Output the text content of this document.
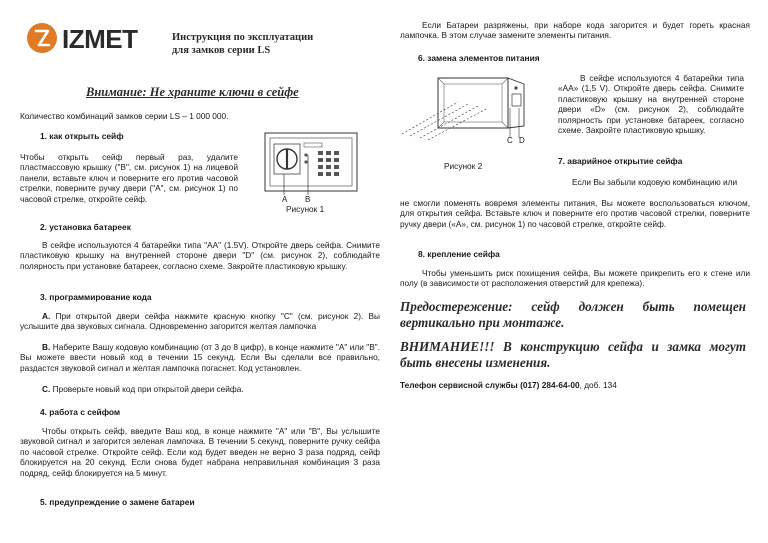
IZMET	Инструкция по эксплуатации
для замков серии LS
Внимание: Не храните ключи в сейфе

Количество комбинаций замков серии LS – 1 000 000.

1. как открыть сейф

Чтобы открыть сейф первый раз, удалите пластмассовую крышку ("В", см. рисунок 1) на лицевой панели, вставьте ключ и поверните его против часовой стрелки, поверните ручку двери ("А", см. рисунок 1) по часовой стрелке, откройте сейф.	A B
Рисунок 1

2. установка батареек

В сейфе используются 4 батарейки типа "АА" (1.5V). Откройте дверь сейфа. Снимите пластиковую крышку на внутренней стороне двери "D" (см. рисунок 2), соблюдайте полярность при установке батареек, согласно схеме. Закройте пластиковую крышку.

3. программирование кода

A. При открытой двери сейфа нажмите красную кнопку "С" (см. рисунок 2). Вы услышите два звуковых сигнала. Одновременно загорится желтая лампочка

B. Наберите Вашу кодовую комбинацию (от 3 до 8 цифр), в конце нажмите "А" или "В". Вы можете ввести новый код в течении 15 секунд. Если Вы сделали все правильно, раздастся звуковой сигнал и желтая лампочка погаснет. Код установлен.

C. Проверьте новый код при открытой двери сейфа.

4. работа с сейфом

Чтобы открыть сейф, введите Ваш код, в конце нажмите "А" или "В", Вы услышите звуковой сигнал и загорится зеленая лампочка. В течении 5 секунд, поверните ручку сейфа по часовой стрелке. Откройте сейф. Если код будет введен не верно 3 раза подряд, сейф блокируется на 20 секунд. Если снова будет набрана неправильная комбинация 3 раза подряд, сейф блокируется на 5 минут.

5. предупреждение о замене батареи

Если Батареи разряжены, при наборе кода загорится и будет гореть красная лампочка. В этом случае замените элементы питания.

6. замена элементов питания

C D
Рисунок 2

В сейфе используются 4 батарейки типа «АА» (1,5 V). Откройте дверь сейфа. Снимите пластиковую крышку на внутренней стороне двери «D» (см. рисунок 2), соблюдайте полярность при установке батареек, согласно схеме. Закройте пластиковую крышку.

7. аварийное открытие сейфа

Если Вы забыли кодовую комбинацию или

не смогли поменять вовремя элементы питания, Вы можете воспользоваться ключом, для открытия сейфа. Вставьте ключ и поверните его против часовой стрелки, поверните ручку двери («А», см. рисунок 1) по часовой стрелке, откройте сейф.

8. крепление сейфа

Чтобы уменьшить риск похищения сейфа, Вы можете прикрепить его к стене или полу (в зависимости от расположения отверстий для крепежа).

Предостережение: сейф должен быть помещен вертикально при монтаже.

ВНИМАНИЕ!!! В конструкцию сейфа и замка могут быть внесены изменения.

Телефон сервисной службы (017) 284-64-00, доб. 134
